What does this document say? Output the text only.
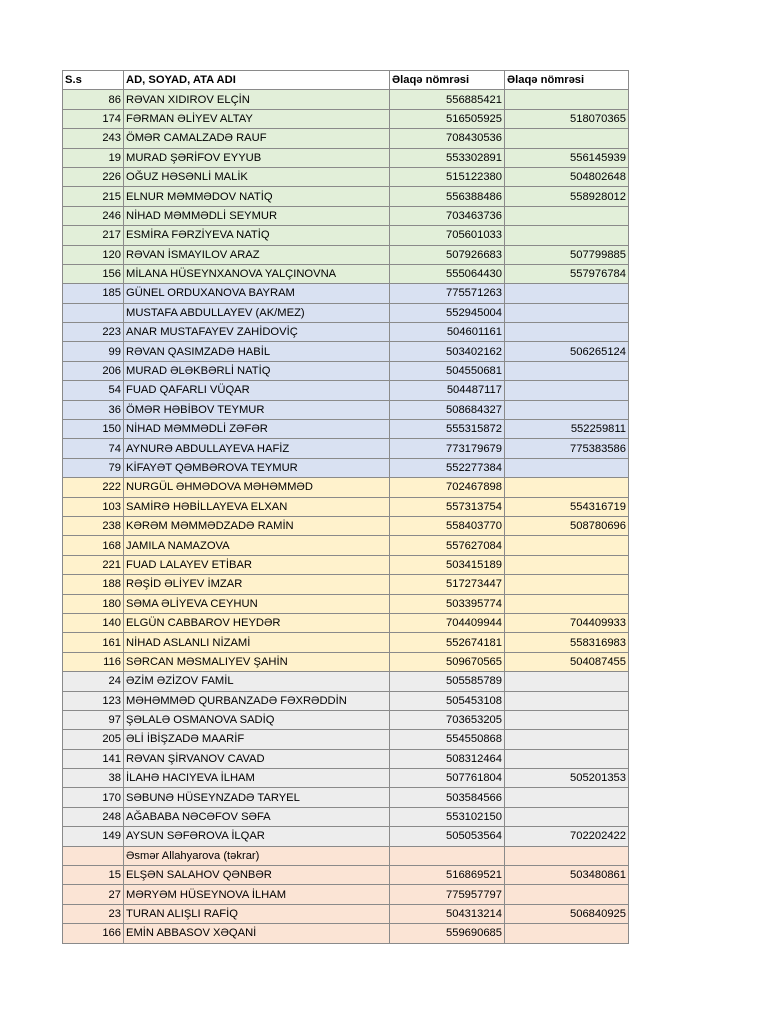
S.s	AD, SOYAD, ATA ADI	Əlaqə nömrəsi	Əlaqə nömrəsi
86	RƏVAN XIDIROV ELÇİN	556885421	
174	FƏRMAN ƏLİYEV ALTAY	516505925	518070365
243	ÖMƏR CAMALZADƏ RAUF	708430536	
19	MURAD ŞƏRİFOV EYYUB	553302891	556145939
226	OĞUZ HƏSƏNLİ MALİK	515122380	504802648
215	ELNUR MƏMMƏDOV NATİQ	556388486	558928012
246	NİHAD MƏMMƏDLİ SEYMUR	703463736	
217	ESMİRA FƏRZİYEVA NATİQ	705601033	
120	RƏVAN İSMAYILOV ARAZ	507926683	507799885
156	MİLANA HÜSEYNXANOVA YALÇINOVNA	555064430	557976784
185	GÜNEL ORDUXANOVA BAYRAM	775571263	
	MUSTAFA ABDULLAYEV (AK/MEZ)	552945004	
223	ANAR MUSTAFAYEV ZAHİDOVİÇ	504601161	
99	RƏVAN QASIMZADƏ HABİL	503402162	506265124
206	MURAD ƏLƏKBƏRLİ NATİQ	504550681	
54	FUAD QAFARLI VÜQAR	504487117	
36	ÖMƏR HƏBİBOV TEYMUR	508684327	
150	NİHAD MƏMMƏDLİ ZƏFƏR	555315872	552259811
74	AYNURƏ ABDULLAYEVA HAFİZ	773179679	775383586
79	KİFAYƏT QƏMBƏROVA TEYMUR	552277384	
222	NURGÜL ƏHMƏDOVA MƏHƏMMƏD	702467898	
103	SAMİRƏ HƏBİLLAYEVA ELXAN	557313754	554316719
238	KƏRƏM MƏMMƏDZADƏ RAMİN	558403770	508780696
168	JAMILA NAMAZOVA	557627084	
221	FUAD LALAYEV ETİBAR	503415189	
188	RƏŞİD ƏLİYEV İMZAR	517273447	
180	SƏMA ƏLİYEVA CEYHUN	503395774	
140	ELGÜN CABBAROV HEYDƏR	704409944	704409933
161	NİHAD ASLANLI NİZAMİ	552674181	558316983
116	SƏRCAN MƏSMALIYEV ŞAHİN	509670565	504087455
24	ƏZİM ƏZİZOV FAMİL	505585789	
123	MƏHƏMMƏD QURBANZADƏ FƏXRƏDDİN	505453108	
97	ŞƏLALƏ OSMANOVA SADİQ	703653205	
205	ƏLİ İBİŞZADƏ MAARİF	554550868	
141	RƏVAN ŞİRVANOV CAVAD	508312464	
38	İLAHƏ HACIYEVA İLHAM	507761804	505201353
170	SƏBUNƏ HÜSEYNZADƏ TARYEL	503584566	
248	AĞABABA NƏCƏFOV SƏFA	553102150	
149	AYSUN SƏFƏROVA İLQAR	505053564	702202422
	Əsmər Allahyarova (təkrar)		
15	ELŞƏN SALAHOV QƏNBƏR	516869521	503480861
27	MƏRYƏM HÜSEYNOVA İLHAM	775957797	
23	TURAN ALIŞLI RAFİQ	504313214	506840925
166	EMİN ABBASOV XƏQANİ	559690685	
